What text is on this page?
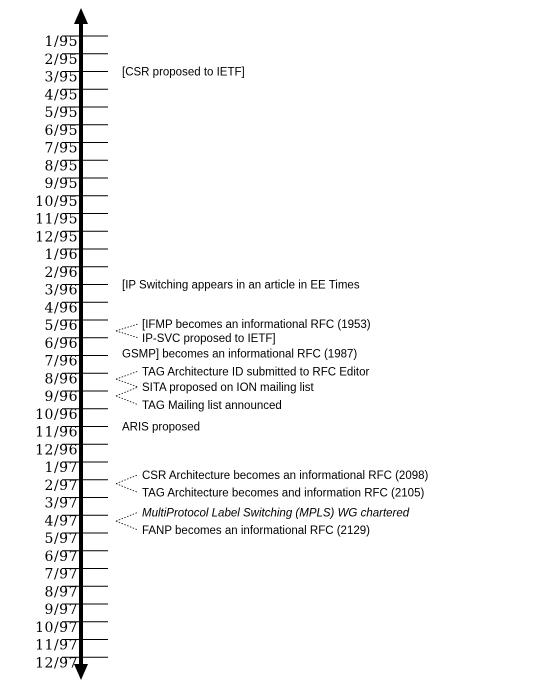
1/95
2/95
3/95
4/95
5/95
6/95
7/95
8/95
9/95
10/95
11/95
12/95
1/96
2/96
3/96
4/96
5/96
6/96
7/96
8/96
9/96
10/96
11/96
12/96
1/97
2/97
3/97
4/97
5/97
6/97
7/97
8/97
9/97
10/97
11/97
12/97
[CSR proposed to IETF]
[IP Switching appears in an article in EE Times
[IFMP becomes an informational RFC (1953)
IP-SVC proposed to IETF]
GSMP] becomes an informational RFC (1987)
TAG Architecture ID submitted to RFC Editor
SITA proposed on ION mailing list
TAG Mailing list announced
ARIS proposed
CSR Architecture becomes an informational RFC (2098)
TAG Architecture becomes and information RFC (2105)
MultiProtocol Label Switching (MPLS) WG chartered
FANP becomes an informational RFC (2129)
